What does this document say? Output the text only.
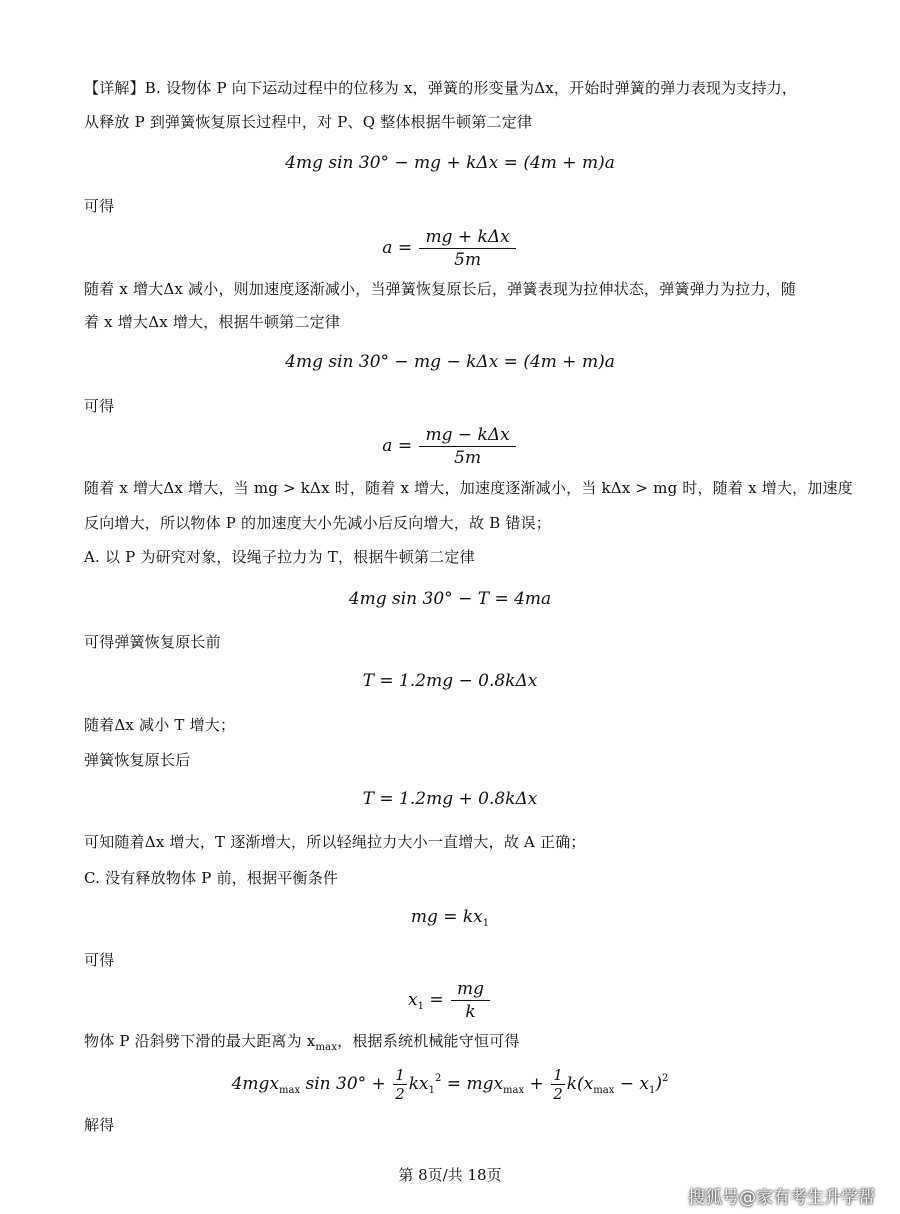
【详解】B. 设物体 P 向下运动过程中的位移为 x，弹簧的形变量为Δx，开始时弹簧的弹力表现为支持力，
从释放 P 到弹簧恢复原长过程中，对 P、Q 整体根据牛顿第二定律
4mg sin 30° − mg + kΔx = (4m + m)a
可得
$a = \frac{\text{mg + kΔx}}{5m}$
随着 x 增大Δx 减小，则加速度逐渐减小，当弹簧恢复原长后，弹簧表现为拉伸状态，弹簧弹力为拉力，随
着 x 增大Δx 增大，根据牛顿第二定律
4mg sin 30° − mg − kΔx = (4m + m)a
可得
$a = \frac{\text{mg − kΔx}}{5m}$
随着 x 增大Δx 增大，当 mg > kΔx 时，随着 x 增大，加速度逐渐减小，当 kΔx > mg 时，随着 x 增大，加速度
反向增大，所以物体 P 的加速度大小先减小后反向增大，故 B 错误；
A. 以 P 为研究对象，设绳子拉力为 T，根据牛顿第二定律
4mg sin 30° − T = 4ma
可得弹簧恢复原长前
T = 1.2mg − 0.8kΔx
随着Δx 减小 T 增大；
弹簧恢复原长后
T = 1.2mg + 0.8kΔx
可知随着Δx 增大，T 逐渐增大，所以轻绳拉力大小一直增大，故 A 正确；
C. 没有释放物体 P 前，根据平衡条件
mg = $kx_1$
可得
$x_1 = \frac{mg}{k}$
物体 P 沿斜劈下滑的最大距离为 $x_{max}$，根据系统机械能守恒可得
4mgx$_{max}$ $\sin 30^\circ + \frac{1}{2} kx_1^2 = mgx_{max} + \frac{1}{2} k(x_{max} - x_1)^2$
解得
第 8页/共 18页
搜狐号@家有考生升学帮
